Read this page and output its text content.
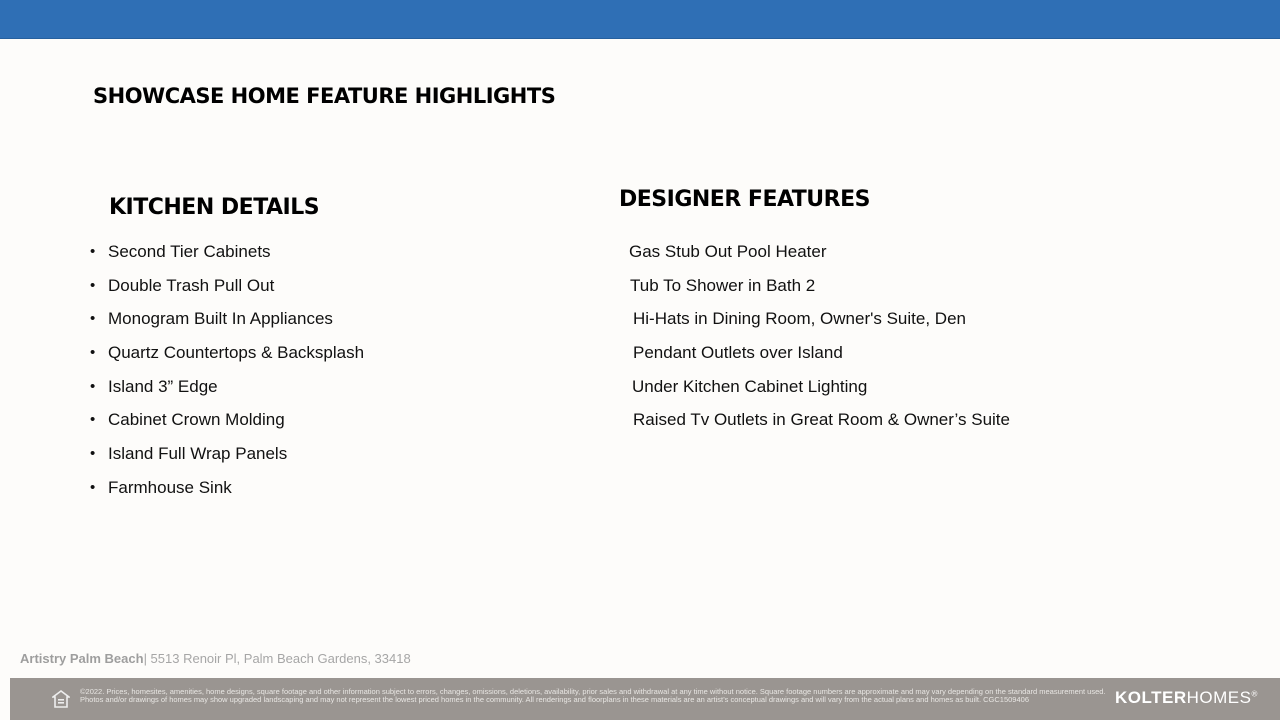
SHOWCASE HOME FEATURE HIGHLIGHTS
KITCHEN DETAILS
• Second Tier Cabinets
• Double Trash Pull Out
• Monogram Built In Appliances
• Quartz Countertops & Backsplash
• Island 3” Edge
• Cabinet Crown Molding
• Island Full Wrap Panels
• Farmhouse Sink
DESIGNER FEATURES
Gas Stub Out Pool Heater
Tub To Shower in Bath 2
Hi-Hats in Dining Room, Owner's Suite, Den
Pendant Outlets over Island
Under Kitchen Cabinet Lighting
Raised Tv Outlets in Great Room & Owner’s Suite
Artistry Palm Beach| 5513 Renoir Pl, Palm Beach Gardens, 33418
©2022. Prices, homesites, amenities, home designs, square footage and other information subject to errors, changes, omissions, deletions, availability, prior sales and withdrawal at any time without notice. Square footage numbers are approximate and may vary depending on the standard measurement used. Photos and/or drawings of homes may show upgraded landscaping and may not represent the lowest priced homes in the community. All renderings and floorplans in these materials are an artist’s conceptual drawings and will vary from the actual plans and homes as built. CGC1509406	KOLTERHOMES®
